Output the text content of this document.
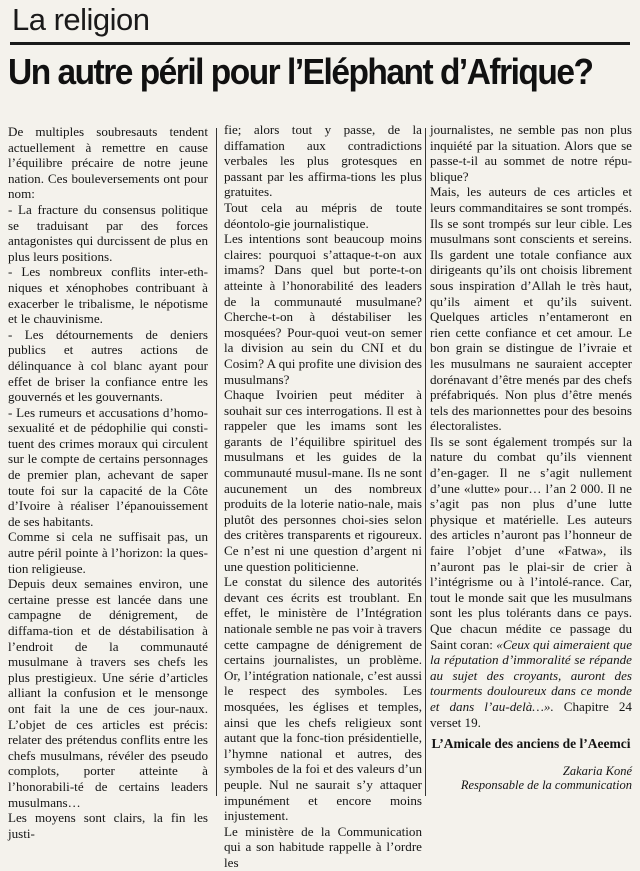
La religion
Un autre péril pour l’Eléphant d’Afrique?

De multiples soubresauts tendent actuellement à remettre en cause l’équilibre précaire de notre jeune nation. Ces bouleversements ont pour nom:

- La fracture du consensus politique se traduisant par des forces antagonistes qui durcissent de plus en plus leurs positions.

- Les nombreux conflits inter-eth-niques et xénophobes contribuant à exacerber le tribalisme, le népotisme et le chauvinisme.

- Les détournements de deniers publics et autres actions de délinquance à col blanc ayant pour effet de briser la confiance entre les gouvernés et les gouvernants.

- Les rumeurs et accusations d’homo-sexualité et de pédophilie qui consti-tuent des crimes moraux qui circulent sur le compte de certains personnages de premier plan, achevant de saper toute foi sur la capacité de la Côte d’Ivoire à réaliser l’épanouissement de ses habitants.

Comme si cela ne suffisait pas, un autre péril pointe à l’horizon: la ques-tion religieuse.

Depuis deux semaines environ, une certaine presse est lancée dans une campagne de dénigrement, de diffama-tion et de déstabilisation à l’endroit de la communauté musulmane à travers ses chefs les plus prestigieux. Une série d’articles alliant la confusion et le mensonge ont fait la une de ces jour-naux. L’objet de ces articles est précis: relater des prétendus conflits entre les chefs musulmans, révéler des pseudo complots, porter atteinte à l’honorabili-té de certains leaders musulmans…

Les moyens sont clairs, la fin les justi-

fie; alors tout y passe, de la diffamation aux contradictions verbales les plus grotesques en passant par les affirma-tions les plus gratuites.

Tout cela au mépris de toute déontolo-gie journalistique.

Les intentions sont beaucoup moins claires: pourquoi s’attaque-t-on aux imams? Dans quel but porte-t-on atteinte à l’honorabilité des leaders de la communauté musulmane? Cherche-t-on à déstabiliser les mosquées? Pour-quoi veut-on semer la division au sein du CNI et du Cosim? A qui profite une division des musulmans?

Chaque Ivoirien peut méditer à souhait sur ces interrogations. Il est à rappeler que les imams sont les garants de l’équilibre spirituel des musulmans et les guides de la communauté musul-mane. Ils ne sont aucunement un des nombreux produits de la loterie natio-nale, mais plutôt des personnes choi-sies selon des critères transparents et rigoureux. Ce n’est ni une question d’argent ni une question politicienne.

Le constat du silence des autorités devant ces écrits est troublant. En effet, le ministère de l’Intégration nationale semble ne pas voir à travers cette campagne de dénigrement de certains journalistes, un problème. Or, l’intégration nationale, c’est aussi le respect des symboles. Les mosquées, les églises et temples, ainsi que les chefs religieux sont autant que la fonc-tion présidentielle, l’hymne national et autres, des symboles de la foi et des valeurs d’un peuple. Nul ne saurait s’y attaquer impunément et encore moins injustement.

Le ministère de la Communication qui a son habitude rappelle à l’ordre les

journalistes, ne semble pas non plus inquiété par la situation. Alors que se passe-t-il au sommet de notre répu-blique?

Mais, les auteurs de ces articles et leurs commanditaires se sont trompés. Ils se sont trompés sur leur cible. Les musulmans sont conscients et sereins. Ils gardent une totale confiance aux dirigeants qu’ils ont choisis librement sous inspiration d’Allah le très haut, qu’ils aiment et qu’ils suivent. Quelques articles n’entameront en rien cette confiance et cet amour. Le bon grain se distingue de l’ivraie et les musulmans ne sauraient accepter dorénavant d’être menés par des chefs préfabriqués. Non plus d’être menés tels des marionnettes pour des besoins électoralistes.

Ils se sont également trompés sur la nature du combat qu’ils viennent d’en-gager. Il ne s’agit nullement d’une «lutte» pour… l’an 2 000. Il ne s’agit pas non plus d’une lutte physique et matérielle. Les auteurs des articles n’auront pas l’honneur de faire l’objet d’une «Fatwa», ils n’auront pas le plai-sir de crier à l’intégrisme ou à l’intolé-rance. Car, tout le monde sait que les musulmans sont les plus tolérants dans ce pays. Que chacun médite ce passage du Saint coran: «Ceux qui aimeraient que la réputation d’immoralité se répande au sujet des croyants, auront des tourments douloureux dans ce monde et dans l’au-delà…». Chapitre 24 verset 19.

L’Amicale des anciens de l’Aeemci

Zakaria Koné

Responsable de la communication
